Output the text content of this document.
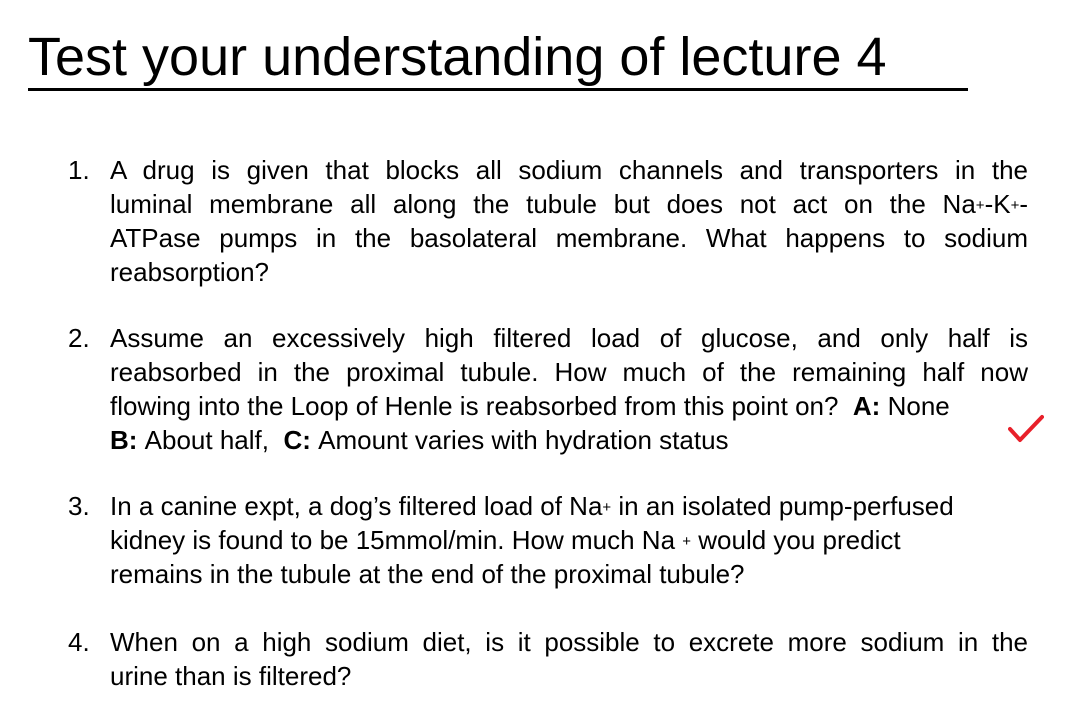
Test your understanding of lecture 4
1. A drug is given that blocks all sodium channels and transporters in the
luminal membrane all along the tubule but does not act on the Na+-K+-
ATPase pumps in the basolateral membrane. What happens to sodium
reabsorption?
2. Assume an excessively high filtered load of glucose, and only half is
reabsorbed in the proximal tubule. How much of the remaining half now
flowing into the Loop of Henle is reabsorbed from this point on? A: None
B: About half, C: Amount varies with hydration status
3. In a canine expt, a dog’s filtered load of Na+ in an isolated pump-perfused
kidney is found to be 15mmol/min. How much Na + would you predict
remains in the tubule at the end of the proximal tubule?
4. When on a high sodium diet, is it possible to excrete more sodium in the
urine than is filtered?
